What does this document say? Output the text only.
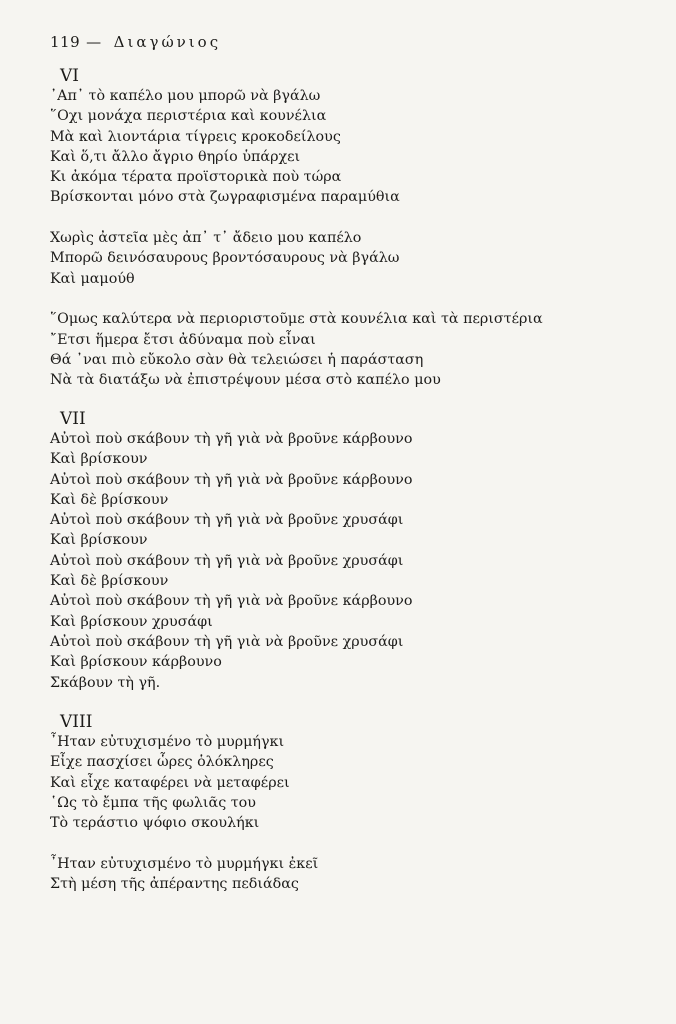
119 — Διαγώνιος
VI
᾿Απ᾿ τὸ καπέλο μου μπορῶ νὰ βγάλω
῞Οχι μονάχα περιστέρια καὶ κουνέλια
Μὰ καὶ λιοντάρια τίγρεις κροκοδείλους
Καὶ ὅ,τι ἄλλο ἄγριο θηρίο ὑπάρχει
Κι ἀκόμα τέρατα προϊστορικὰ ποὺ τώρα
Βρίσκονται μόνο στὰ ζωγραφισμένα παραμύθια
Χωρὶς ἀστεῖα μὲς ἀπ᾿ τ᾿ ἄδειο μου καπέλο
Μπορῶ δεινόσαυρους βροντόσαυρους νὰ βγάλω
Καὶ μαμούθ
῞Ομως καλύτερα νὰ περιοριστοῦμε στὰ κουνέλια καὶ τὰ περιστέρια
῎Ετσι ἥμερα ἔτσι ἀδύναμα ποὺ εἶναι
Θά ᾿ναι πιὸ εὔκολο σὰν θὰ τελειώσει ἡ παράσταση
Νὰ τὰ διατάξω νὰ ἐπιστρέψουν μέσα στὸ καπέλο μου
VII
Αὐτοὶ ποὺ σκάβουν τὴ γῆ γιὰ νὰ βροῦνε κάρβουνο
Καὶ βρίσκουν
Αὐτοὶ ποὺ σκάβουν τὴ γῆ γιὰ νὰ βροῦνε κάρβουνο
Καὶ δὲ βρίσκουν
Αὐτοὶ ποὺ σκάβουν τὴ γῆ γιὰ νὰ βροῦνε χρυσάφι
Καὶ βρίσκουν
Αὐτοὶ ποὺ σκάβουν τὴ γῆ γιὰ νὰ βροῦνε χρυσάφι
Καὶ δὲ βρίσκουν
Αὐτοὶ ποὺ σκάβουν τὴ γῆ γιὰ νὰ βροῦνε κάρβουνο
Καὶ βρίσκουν χρυσάφι
Αὐτοὶ ποὺ σκάβουν τὴ γῆ γιὰ νὰ βροῦνε χρυσάφι
Καὶ βρίσκουν κάρβουνο
Σκάβουν τὴ γῆ.
VIII
῏Ηταν εὐτυχισμένο τὸ μυρμήγκι
Εἶχε πασχίσει ὧρες ὁλόκληρες
Καὶ εἶχε καταφέρει νὰ μεταφέρει
῾Ως τὸ ἔμπα τῆς φωλιᾶς του
Τὸ τεράστιο ψόφιο σκουλήκι
῏Ηταν εὐτυχισμένο τὸ μυρμήγκι ἐκεῖ
Στὴ μέση τῆς ἀπέραντης πεδιάδας
